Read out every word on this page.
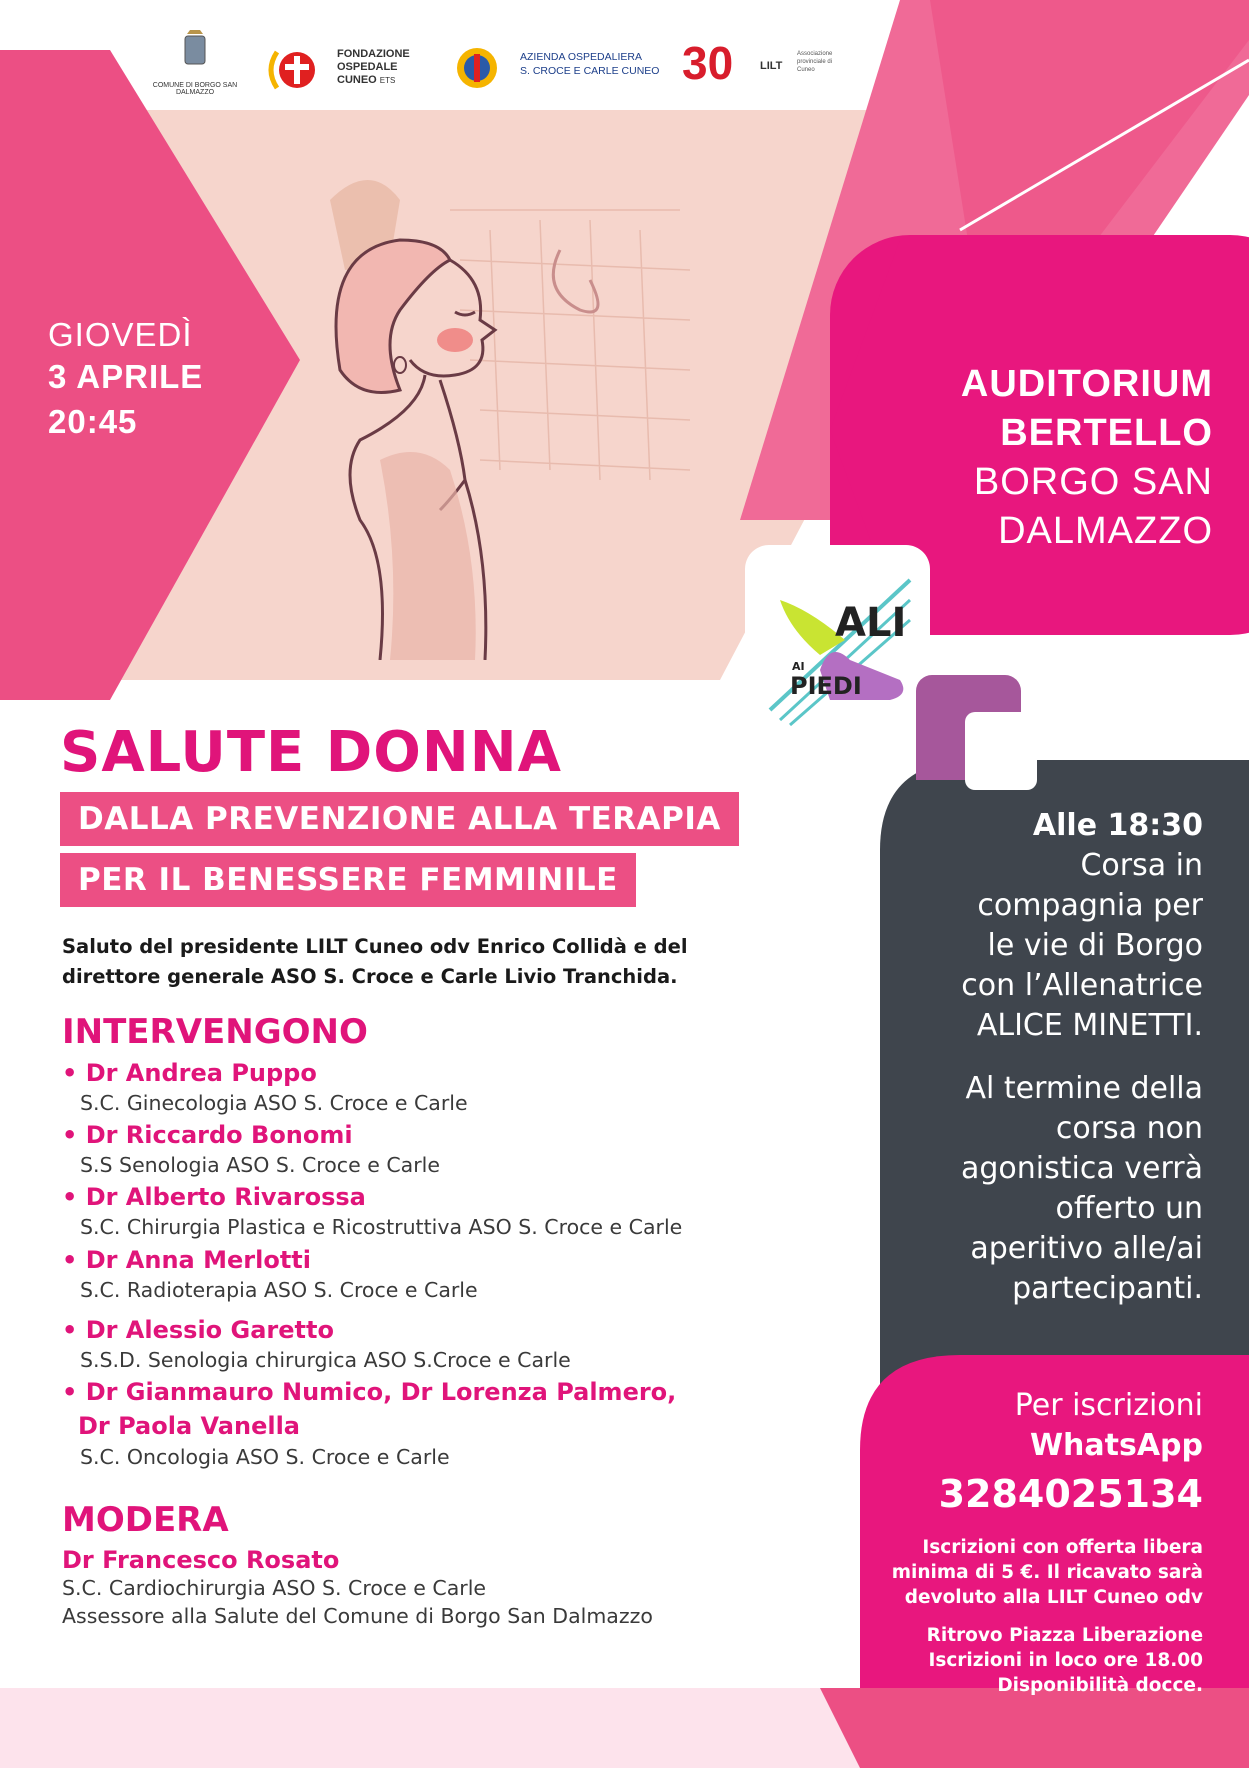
COMUNE DI BORGO SAN DALMAZZO
FONDAZIONE
OSPEDALE
CUNEO ETS
AZIENDA OSPEDALIERA
S. CROCE E CARLE CUNEO 30 LILT
Associazione provinciale di Cuneo
GIOVEDÌ
3 APRILE
20:45
AUDITORIUM
BERTELLO
BORGO SAN
DALMAZZO
ALI
AI
PIEDI
SALUTE DONNA
DALLA PREVENZIONE ALLA TERAPIA
PER IL BENESSERE FEMMINILE
Saluto del presidente LILT Cuneo odv Enrico Collidà e del
direttore generale ASO S. Croce e Carle Livio Tranchida.
INTERVENGONO
• Dr Andrea Puppo
S.C. Ginecologia ASO S. Croce e Carle
• Dr Riccardo Bonomi
S.S Senologia ASO S. Croce e Carle
• Dr Alberto Rivarossa
S.C. Chirurgia Plastica e Ricostruttiva ASO S. Croce e Carle
• Dr Anna Merlotti
S.C. Radioterapia ASO S. Croce e Carle
• Dr Alessio Garetto
S.S.D. Senologia chirurgica ASO S.Croce e Carle
• Dr Gianmauro Numico, Dr Lorenza Palmero,
Dr Paola Vanella
S.C. Oncologia ASO S. Croce e Carle
MODERA
Dr Francesco Rosato
S.C. Cardiochirurgia ASO S. Croce e Carle
Assessore alla Salute del Comune di Borgo San Dalmazzo
Alle 18:30
Corsa in
compagnia per
le vie di Borgo
con l’Allenatrice
ALICE MINETTI.
Al termine della
corsa non
agonistica verrà
offerto un
aperitivo alle/ai
partecipanti.
Per iscrizioni
WhatsApp
3284025134
Iscrizioni con offerta libera
minima di 5 €. Il ricavato sarà
devoluto alla LILT Cuneo odv
Ritrovo Piazza Liberazione
Iscrizioni in loco ore 18.00
Disponibilità docce.
